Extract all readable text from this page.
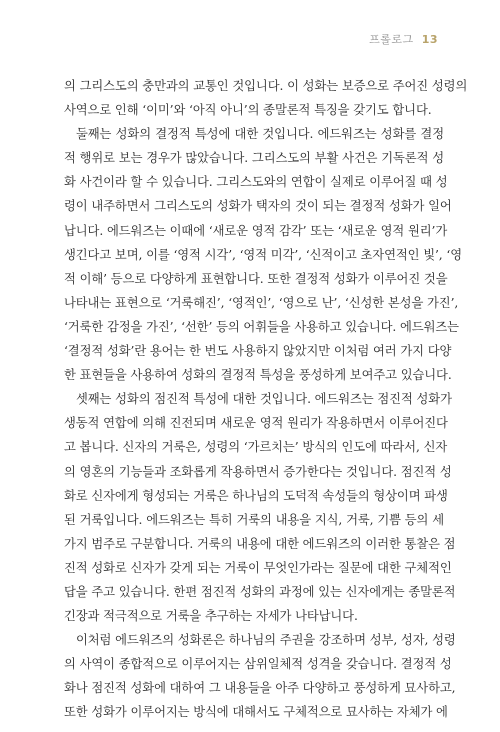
프롤로그 13
의 그리스도의 충만과의 교통인 것입니다. 이 성화는 보증으로 주어진 성령의
사역으로 인해 ‘이미’와 ‘아직 아니’의 종말론적 특징을 갖기도 합니다.
둘째는 성화의 결정적 특성에 대한 것입니다. 에드워즈는 성화를 결정
적 행위로 보는 경우가 많았습니다. 그리스도의 부활 사건은 기독론적 성
화 사건이라 할 수 있습니다. 그리스도와의 연합이 실제로 이루어질 때 성
령이 내주하면서 그리스도의 성화가 택자의 것이 되는 결정적 성화가 일어
납니다. 에드워즈는 이때에 ‘새로운 영적 감각’ 또는 ‘새로운 영적 원리’가
생긴다고 보며, 이를 ‘영적 시각’, ‘영적 미각’, ‘신적이고 초자연적인 빛’, ‘영
적 이해’ 등으로 다양하게 표현합니다. 또한 결정적 성화가 이루어진 것을
나타내는 표현으로 ‘거룩해진’, ‘영적인’, ‘영으로 난’, ‘신성한 본성을 가진’,
‘거룩한 감정을 가진’, ‘선한’ 등의 어휘들을 사용하고 있습니다. 에드워즈는
‘결정적 성화’란 용어는 한 번도 사용하지 않았지만 이처럼 여러 가지 다양
한 표현들을 사용하여 성화의 결정적 특성을 풍성하게 보여주고 있습니다.
셋째는 성화의 점진적 특성에 대한 것입니다. 에드워즈는 점진적 성화가
생동적 연합에 의해 진전되며 새로운 영적 원리가 작용하면서 이루어진다
고 봅니다. 신자의 거룩은, 성령의 ‘가르치는’ 방식의 인도에 따라서, 신자
의 영혼의 기능들과 조화롭게 작용하면서 증가한다는 것입니다. 점진적 성
화로 신자에게 형성되는 거룩은 하나님의 도덕적 속성들의 형상이며 파생
된 거룩입니다. 에드워즈는 특히 거룩의 내용을 지식, 거룩, 기쁨 등의 세
가지 범주로 구분합니다. 거룩의 내용에 대한 에드워즈의 이러한 통찰은 점
진적 성화로 신자가 갖게 되는 거룩이 무엇인가라는 질문에 대한 구체적인
답을 주고 있습니다. 한편 점진적 성화의 과정에 있는 신자에게는 종말론적
긴장과 적극적으로 거룩을 추구하는 자세가 나타납니다.
이처럼 에드워즈의 성화론은 하나님의 주권을 강조하며 성부, 성자, 성령
의 사역이 종합적으로 이루어지는 삼위일체적 성격을 갖습니다. 결정적 성
화나 점진적 성화에 대하여 그 내용들을 아주 다양하고 풍성하게 묘사하고,
또한 성화가 이루어지는 방식에 대해서도 구체적으로 묘사하는 자체가 에
